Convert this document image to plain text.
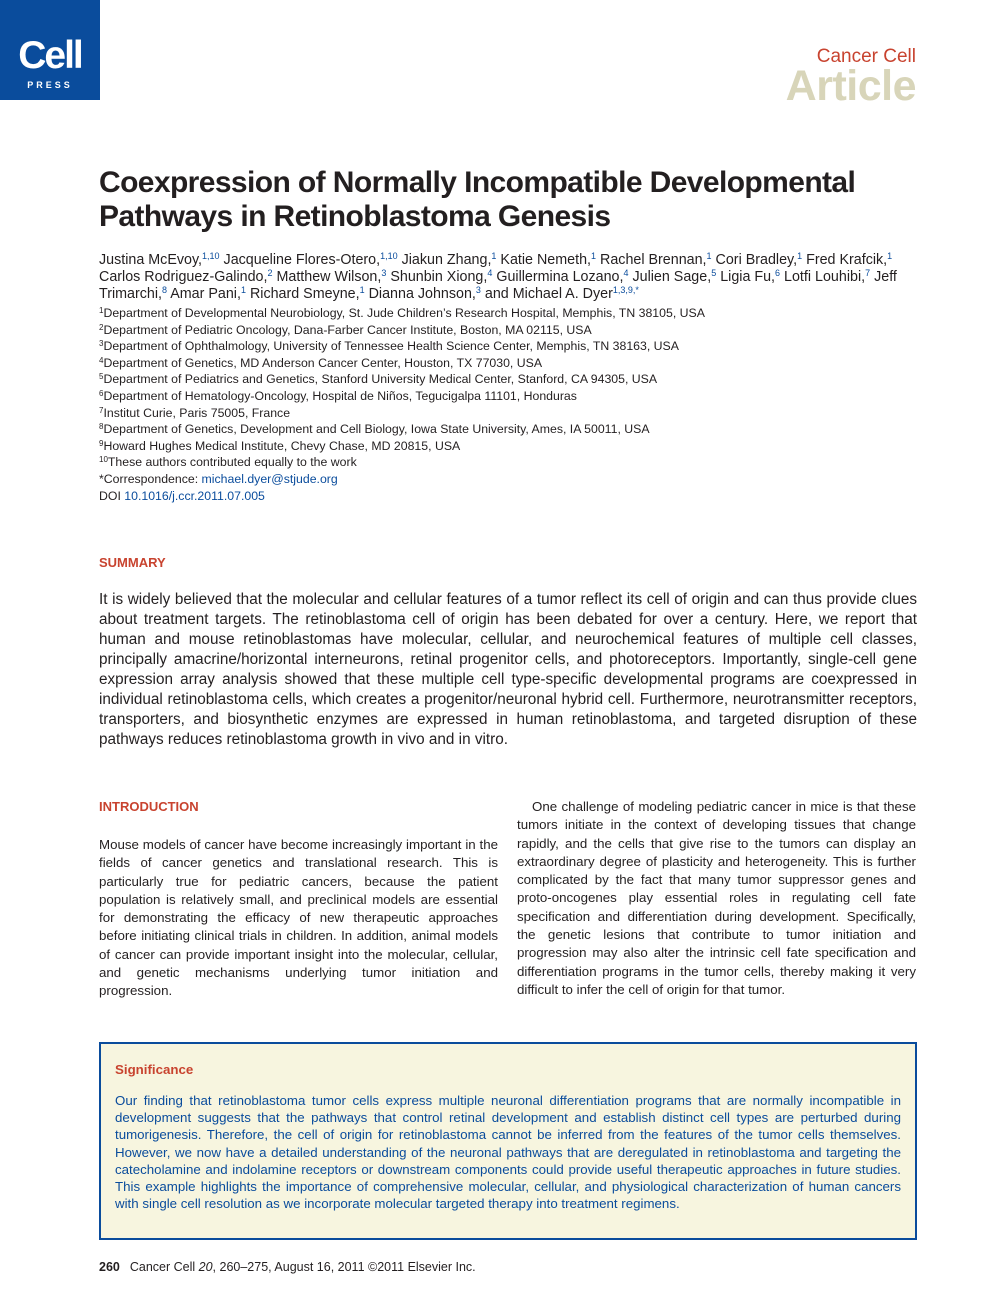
Cell
PRESS
Cancer Cell
Article
Coexpression of Normally Incompatible Developmental Pathways in Retinoblastoma Genesis
Justina McEvoy,$^{1,10}$ Jacqueline Flores-Otero,$^{1,10}$ Jiakun Zhang,$^1$ Katie Nemeth,$^1$ Rachel Brennan,$^1$ Cori Bradley,$^1$ Fred Krafcik,$^1$ Carlos Rodriguez-Galindo,$^2$ Matthew Wilson,$^3$ Shunbin Xiong,$^4$ Guillermina Lozano,$^4$ Julien Sage,$^5$ Ligia Fu,$^6$ Lotfi Louhibi,$^7$ Jeff Trimarchi,$^8$ Amar Pani,$^1$ Richard Smeyne,$^1$ Dianna Johnson,$^3$ and Michael A. Dyer$^{1,3,9,*}$
$^1$Department of Developmental Neurobiology, St. Jude Children’s Research Hospital, Memphis, TN 38105, USA
$^2$Department of Pediatric Oncology, Dana-Farber Cancer Institute, Boston, MA 02115, USA
$^3$Department of Ophthalmology, University of Tennessee Health Science Center, Memphis, TN 38163, USA
$^4$Department of Genetics, MD Anderson Cancer Center, Houston, TX 77030, USA
$^5$Department of Pediatrics and Genetics, Stanford University Medical Center, Stanford, CA 94305, USA
$^6$Department of Hematology-Oncology, Hospital de Niños, Tegucigalpa 11101, Honduras
$^7$Institut Curie, Paris 75005, France
$^8$Department of Genetics, Development and Cell Biology, Iowa State University, Ames, IA 50011, USA
$^9$Howard Hughes Medical Institute, Chevy Chase, MD 20815, USA
$^{10}$These authors contributed equally to the work
*Correspondence: michael.dyer@stjude.org
DOI 10.1016/j.ccr.2011.07.005
SUMMARY

It is widely believed that the molecular and cellular features of a tumor reflect its cell of origin and can thus provide clues about treatment targets. The retinoblastoma cell of origin has been debated for over a century. Here, we report that human and mouse retinoblastomas have molecular, cellular, and neurochemical features of multiple cell classes, principally amacrine/horizontal interneurons, retinal progenitor cells, and photoreceptors. Importantly, single-cell gene expression array analysis showed that these multiple cell type-specific developmental programs are coexpressed in individual retinoblastoma cells, which creates a progenitor/neuronal hybrid cell. Furthermore, neurotransmitter receptors, transporters, and biosynthetic enzymes are expressed in human retinoblastoma, and targeted disruption of these pathways reduces retinoblastoma growth in vivo and in vitro.

INTRODUCTION

Mouse models of cancer have become increasingly important in the fields of cancer genetics and translational research. This is particularly true for pediatric cancers, because the patient population is relatively small, and preclinical models are essential for demonstrating the efficacy of new therapeutic approaches before initiating clinical trials in children. In addition, animal models of cancer can provide important insight into the molecular, cellular, and genetic mechanisms underlying tumor initiation and progression.

One challenge of modeling pediatric cancer in mice is that these tumors initiate in the context of developing tissues that change rapidly, and the cells that give rise to the tumors can display an extraordinary degree of plasticity and heterogeneity. This is further complicated by the fact that many tumor suppressor genes and proto-oncogenes play essential roles in regulating cell fate specification and differentiation during development. Specifically, the genetic lesions that contribute to tumor initiation and progression may also alter the intrinsic cell fate specification and differentiation programs in the tumor cells, thereby making it very difficult to infer the cell of origin for that tumor.

Significance

Our finding that retinoblastoma tumor cells express multiple neuronal differentiation programs that are normally incompatible in development suggests that the pathways that control retinal development and establish distinct cell types are perturbed during tumorigenesis. Therefore, the cell of origin for retinoblastoma cannot be inferred from the features of the tumor cells themselves. However, we now have a detailed understanding of the neuronal pathways that are deregulated in retinoblastoma and targeting the catecholamine and indolamine receptors or downstream components could provide useful therapeutic approaches in future studies. This example highlights the importance of comprehensive molecular, cellular, and physiological characterization of human cancers with single cell resolution as we incorporate molecular targeted therapy into treatment regimens.

260 Cancer Cell 20, 260–275, August 16, 2011 ©2011 Elsevier Inc.
